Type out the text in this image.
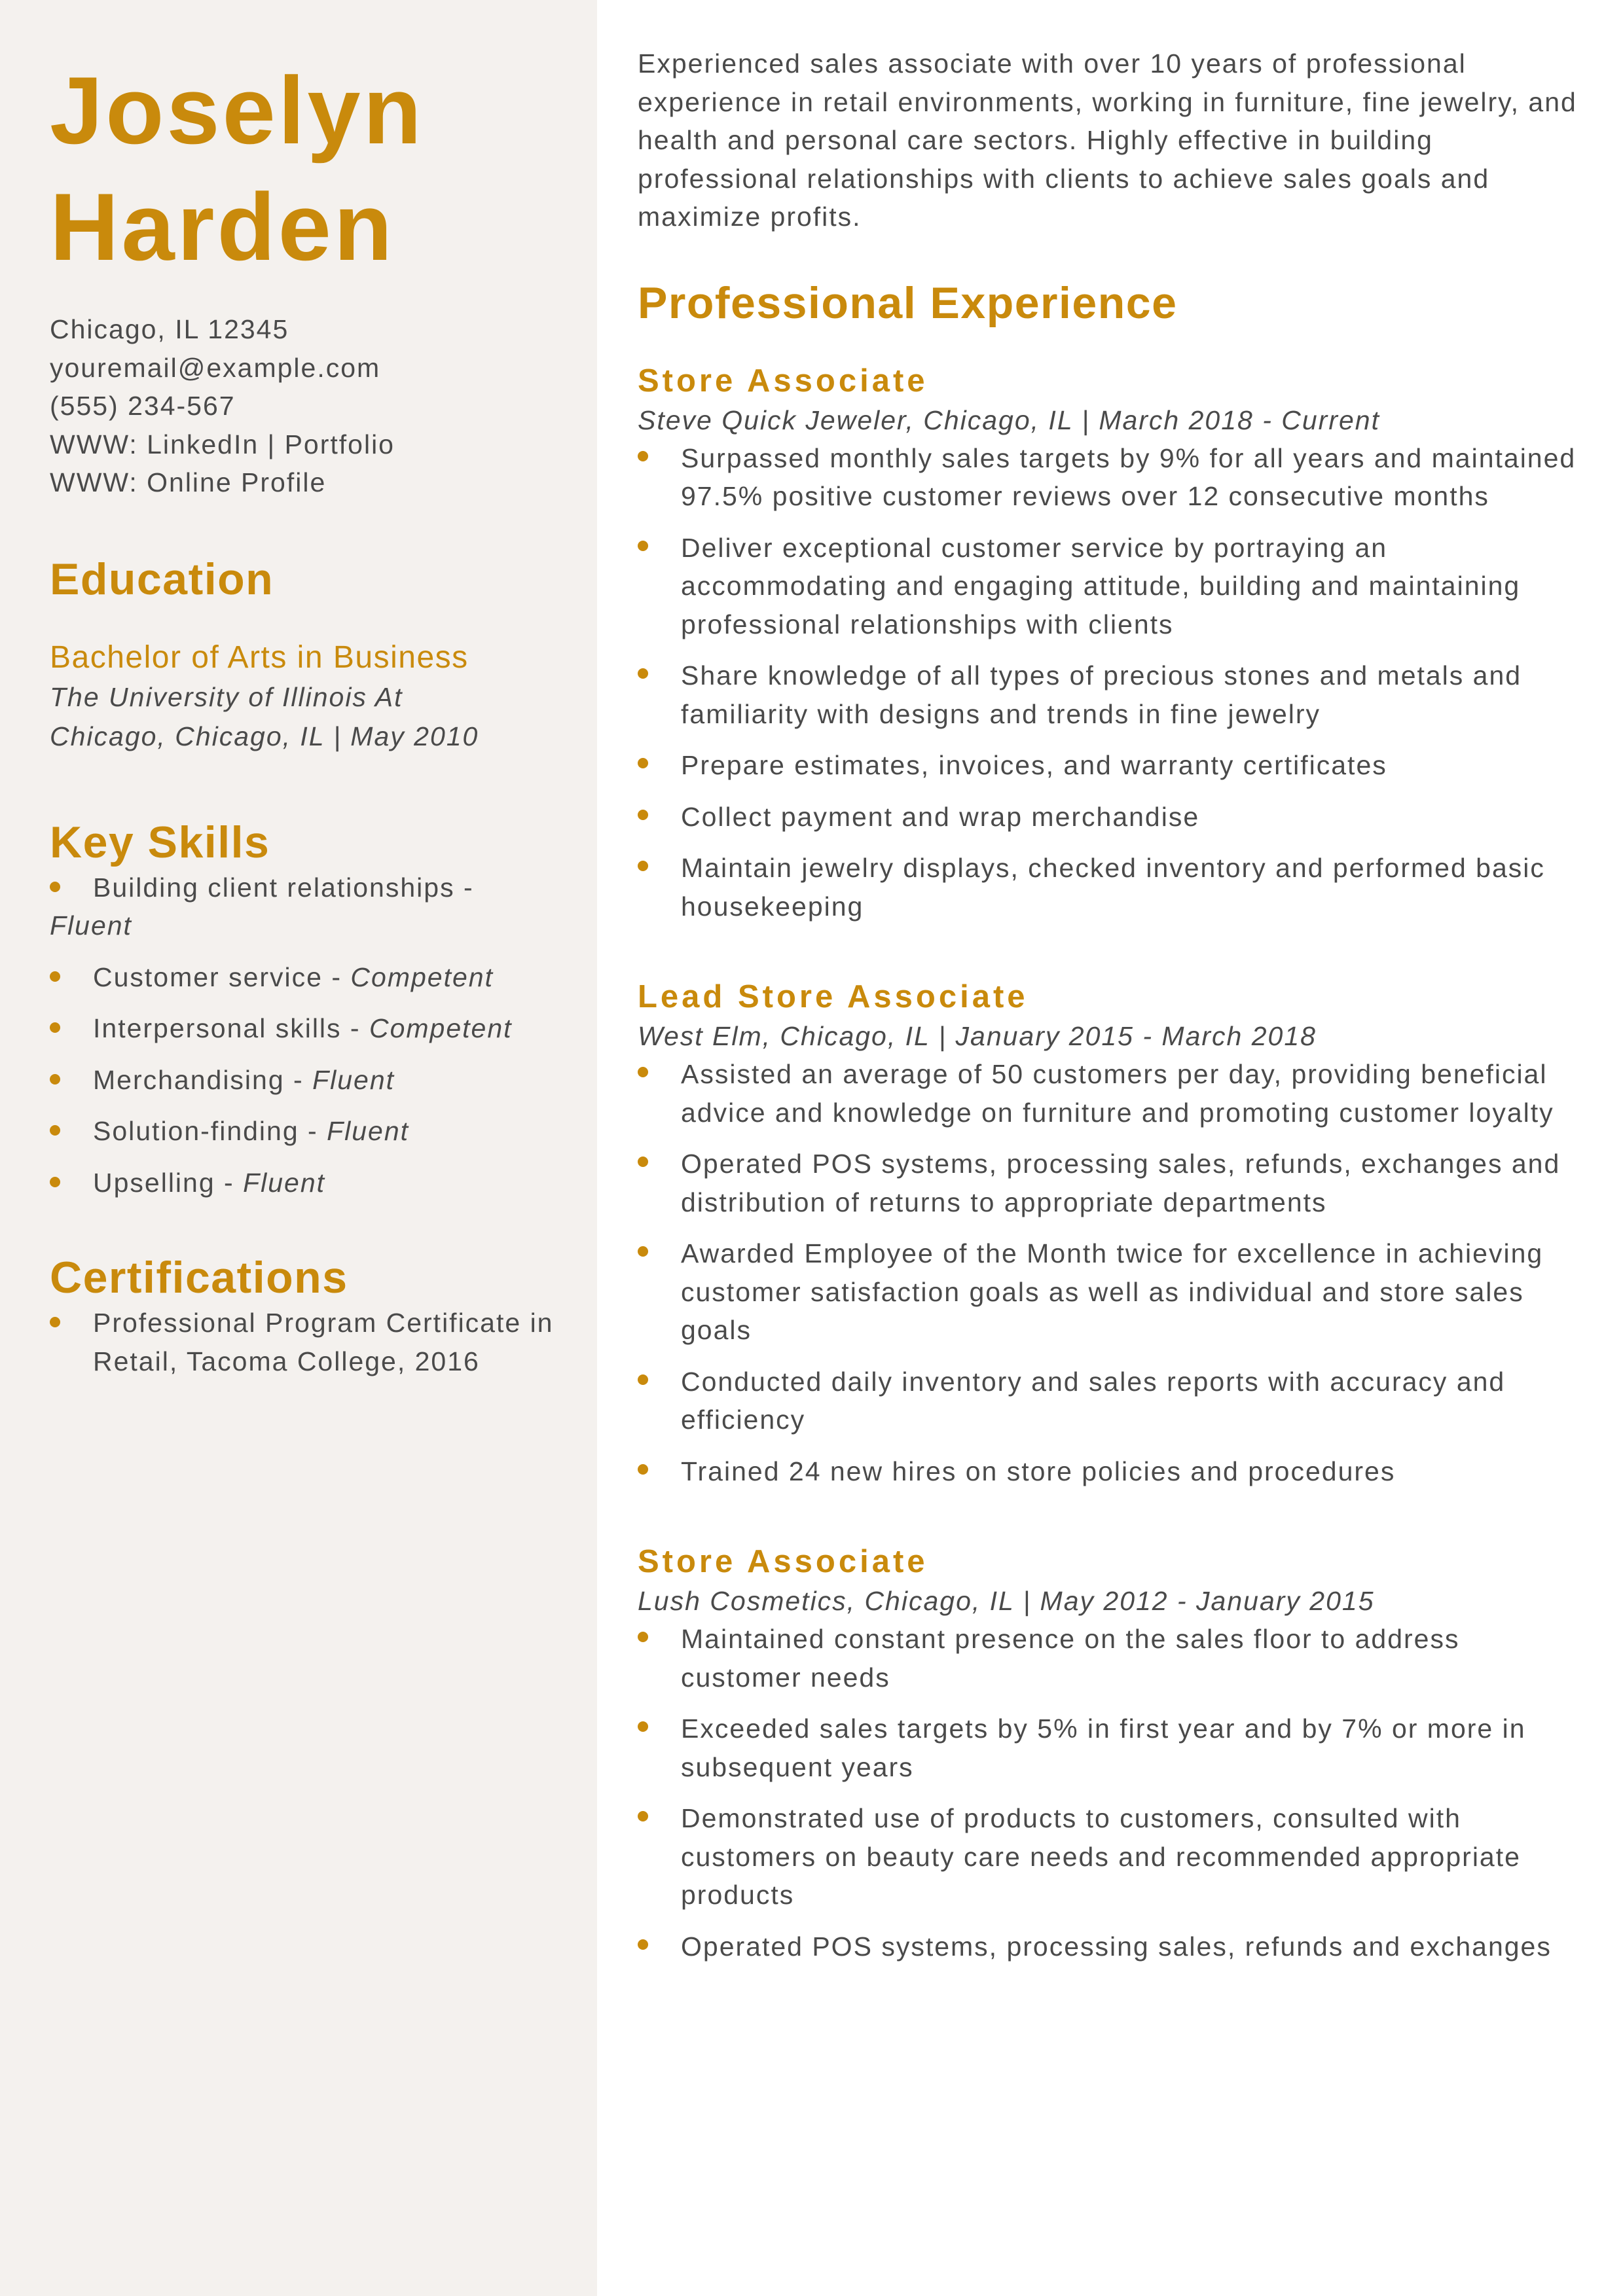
Joselyn
Harden
Chicago, IL 12345
youremail@example.com
(555) 234-567
WWW: LinkedIn | Portfolio
WWW: Online Profile
Education
Bachelor of Arts in Business
The University of Illinois At
Chicago, Chicago, IL | May 2010
Key Skills
Building client relationships - Fluent
Customer service - Competent
Interpersonal skills - Competent
Merchandising - Fluent
Solution-finding - Fluent
Upselling - Fluent
Certifications
Professional Program Certificate in Retail, Tacoma College, 2016

Experienced sales associate with over 10 years of professional experience in retail environments, working in furniture, fine jewelry, and health and personal care sectors. Highly effective in building professional relationships with clients to achieve sales goals and maximize profits.

Professional Experience
Store Associate
Steve Quick Jeweler, Chicago, IL | March 2018 - Current
Surpassed monthly sales targets by 9% for all years and maintained 97.5% positive customer reviews over 12 consecutive months
Deliver exceptional customer service by portraying an accommodating and engaging attitude, building and maintaining professional relationships with clients
Share knowledge of all types of precious stones and metals and familiarity with designs and trends in fine jewelry
Prepare estimates, invoices, and warranty certificates
Collect payment and wrap merchandise
Maintain jewelry displays, checked inventory and performed basic housekeeping
Lead Store Associate
West Elm, Chicago, IL | January 2015 - March 2018
Assisted an average of 50 customers per day, providing beneficial advice and knowledge on furniture and promoting customer loyalty
Operated POS systems, processing sales, refunds, exchanges and distribution of returns to appropriate departments
Awarded Employee of the Month twice for excellence in achieving customer satisfaction goals as well as individual and store sales goals
Conducted daily inventory and sales reports with accuracy and efficiency
Trained 24 new hires on store policies and procedures
Store Associate
Lush Cosmetics, Chicago, IL | May 2012 - January 2015
Maintained constant presence on the sales floor to address customer needs
Exceeded sales targets by 5% in first year and by 7% or more in subsequent years
Demonstrated use of products to customers, consulted with customers on beauty care needs and recommended appropriate products
Operated POS systems, processing sales, refunds and exchanges
